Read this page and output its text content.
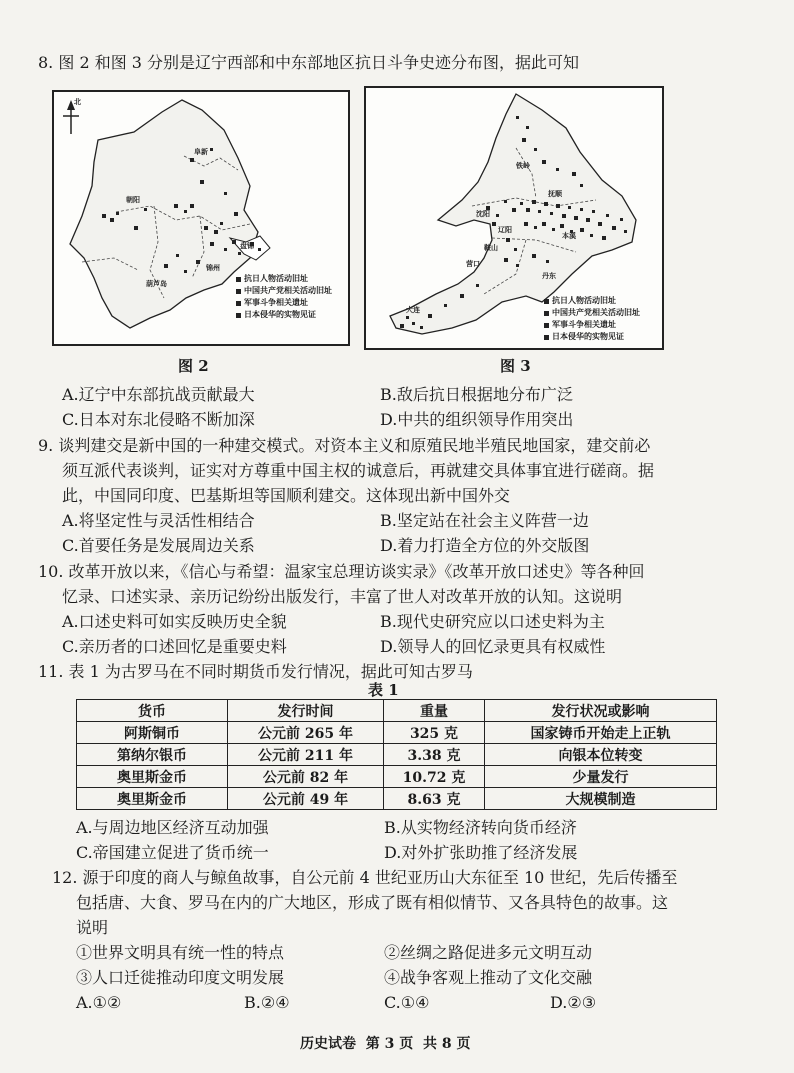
8. 图 2 和图 3 分别是辽宁西部和中东部地区抗日斗争史迹分布图，据此可知
北
阜新
朝阳
锦州
葫芦岛
盘锦
抗日人物活动旧址
中国共产党相关活动旧址
军事斗争相关遗址
日本侵华的实物见证
铁岭
沈阳
抚顺
本溪
辽阳
鞍山
营口
丹东
大连
抗日人物活动旧址
中国共产党相关活动旧址
军事斗争相关遗址
日本侵华的实物见证
图 2	图 3
A.辽宁中东部抗战贡献最大	B.敌后抗日根据地分布广泛
C.日本对东北侵略不断加深	D.中共的组织领导作用突出
9. 谈判建交是新中国的一种建交模式。对资本主义和原殖民地半殖民地国家，建交前必
须互派代表谈判，证实对方尊重中国主权的诚意后，再就建交具体事宜进行磋商。据
此，中国同印度、巴基斯坦等国顺利建交。这体现出新中国外交
A.将坚定性与灵活性相结合	B.坚定站在社会主义阵营一边
C.首要任务是发展周边关系	D.着力打造全方位的外交版图
10. 改革开放以来，《信心与希望：温家宝总理访谈实录》《改革开放口述史》等各种回
忆录、口述实录、亲历记纷纷出版发行，丰富了世人对改革开放的认知。这说明
A.口述史料可如实反映历史全貌	B.现代史研究应以口述史料为主
C.亲历者的口述回忆是重要史料	D.领导人的回忆录更具有权威性
11. 表 1 为古罗马在不同时期货币发行情况，据此可知古罗马
表 1
货币	发行时间	重量	发行状况或影响
阿斯铜币	公元前 265 年	325 克	国家铸币开始走上正轨
第纳尔银币	公元前 211 年	3.38 克	向银本位转变
奥里斯金币	公元前 82 年	10.72 克	少量发行
奥里斯金币	公元前 49 年	8.63 克	大规模制造
A.与周边地区经济互动加强	B.从实物经济转向货币经济
C.帝国建立促进了货币统一	D.对外扩张助推了经济发展
12. 源于印度的商人与鲸鱼故事，自公元前 4 世纪亚历山大东征至 10 世纪，先后传播至
包括唐、大食、罗马在内的广大地区，形成了既有相似情节、又各具特色的故事。这
说明
①世界文明具有统一性的特点	②丝绸之路促进多元文明互动
③人口迁徙推动印度文明发展	④战争客观上推动了文化交融
A.①②	B.②④	C.①④	D.②③
历史试卷  第 3 页  共 8 页
